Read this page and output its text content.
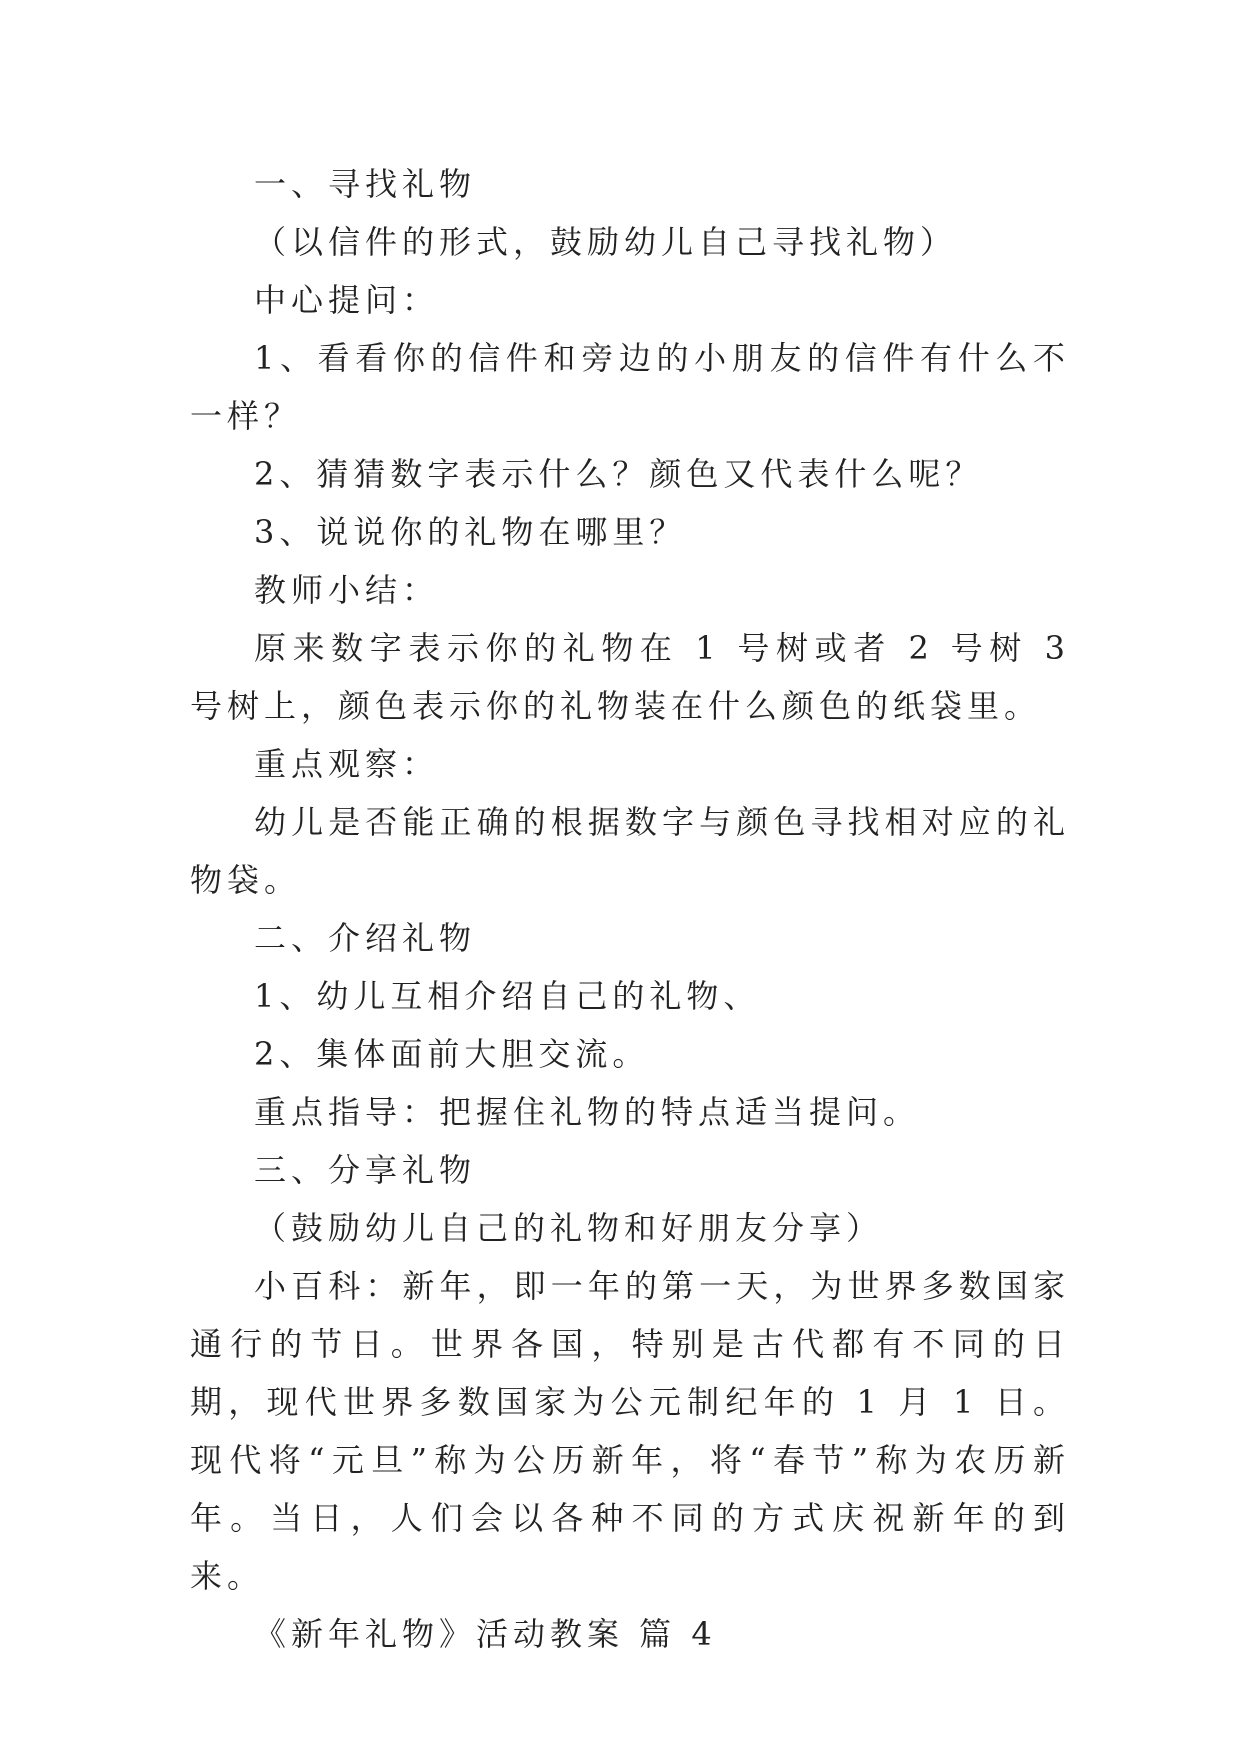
一、寻找礼物

（以信件的形式，鼓励幼儿自己寻找礼物）

中心提问：

1、看看你的信件和旁边的小朋友的信件有什么不一样？

2、猜猜数字表示什么？颜色又代表什么呢？

3、说说你的礼物在哪里？

教师小结：

原来数字表示你的礼物在 1 号树或者 2 号树 3 号树上，颜色表示你的礼物装在什么颜色的纸袋里。

重点观察：

幼儿是否能正确的根据数字与颜色寻找相对应的礼物袋。

二、介绍礼物

1、幼儿互相介绍自己的礼物、

2、集体面前大胆交流。

重点指导：把握住礼物的特点适当提问。

三、分享礼物

（鼓励幼儿自己的礼物和好朋友分享）

小百科：新年，即一年的第一天，为世界多数国家通行的节日。世界各国，特别是古代都有不同的日期，现代世界多数国家为公元制纪年的 1 月 1 日。现代将“元旦”称为公历新年，将“春节”称为农历新年。当日，人们会以各种不同的方式庆祝新年的到来。

《新年礼物》活动教案 篇 4
